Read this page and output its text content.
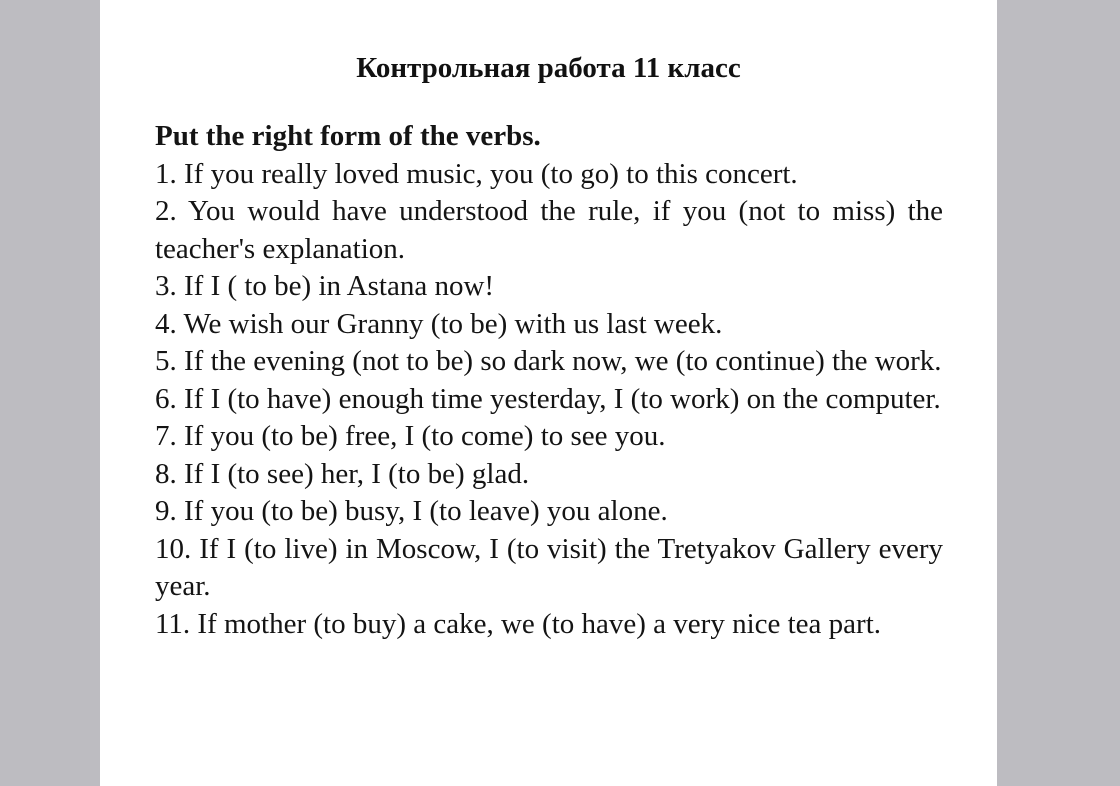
Контрольная работа 11 класс

Put the right form of the verbs.

1. If you really loved music, you (to go) to this concert.

2. You would have understood the rule, if you (not to miss) the teacher's explanation.

3. If I ( to be) in Astana now!

4. We wish our Granny (to be) with us last week.

5. If the evening (not to be) so dark now, we (to continue) the work.

6. If I (to have) enough time yesterday, I (to work) on the computer.

7. If you (to be) free, I (to come) to see you.

8. If I (to see) her, I (to be) glad.

9. If you (to be) busy, I (to leave) you alone.

10. If I (to live) in Moscow, I (to visit) the Tretyakov Gallery every year.

11. If mother (to buy) a cake, we (to have) a very nice tea part.
